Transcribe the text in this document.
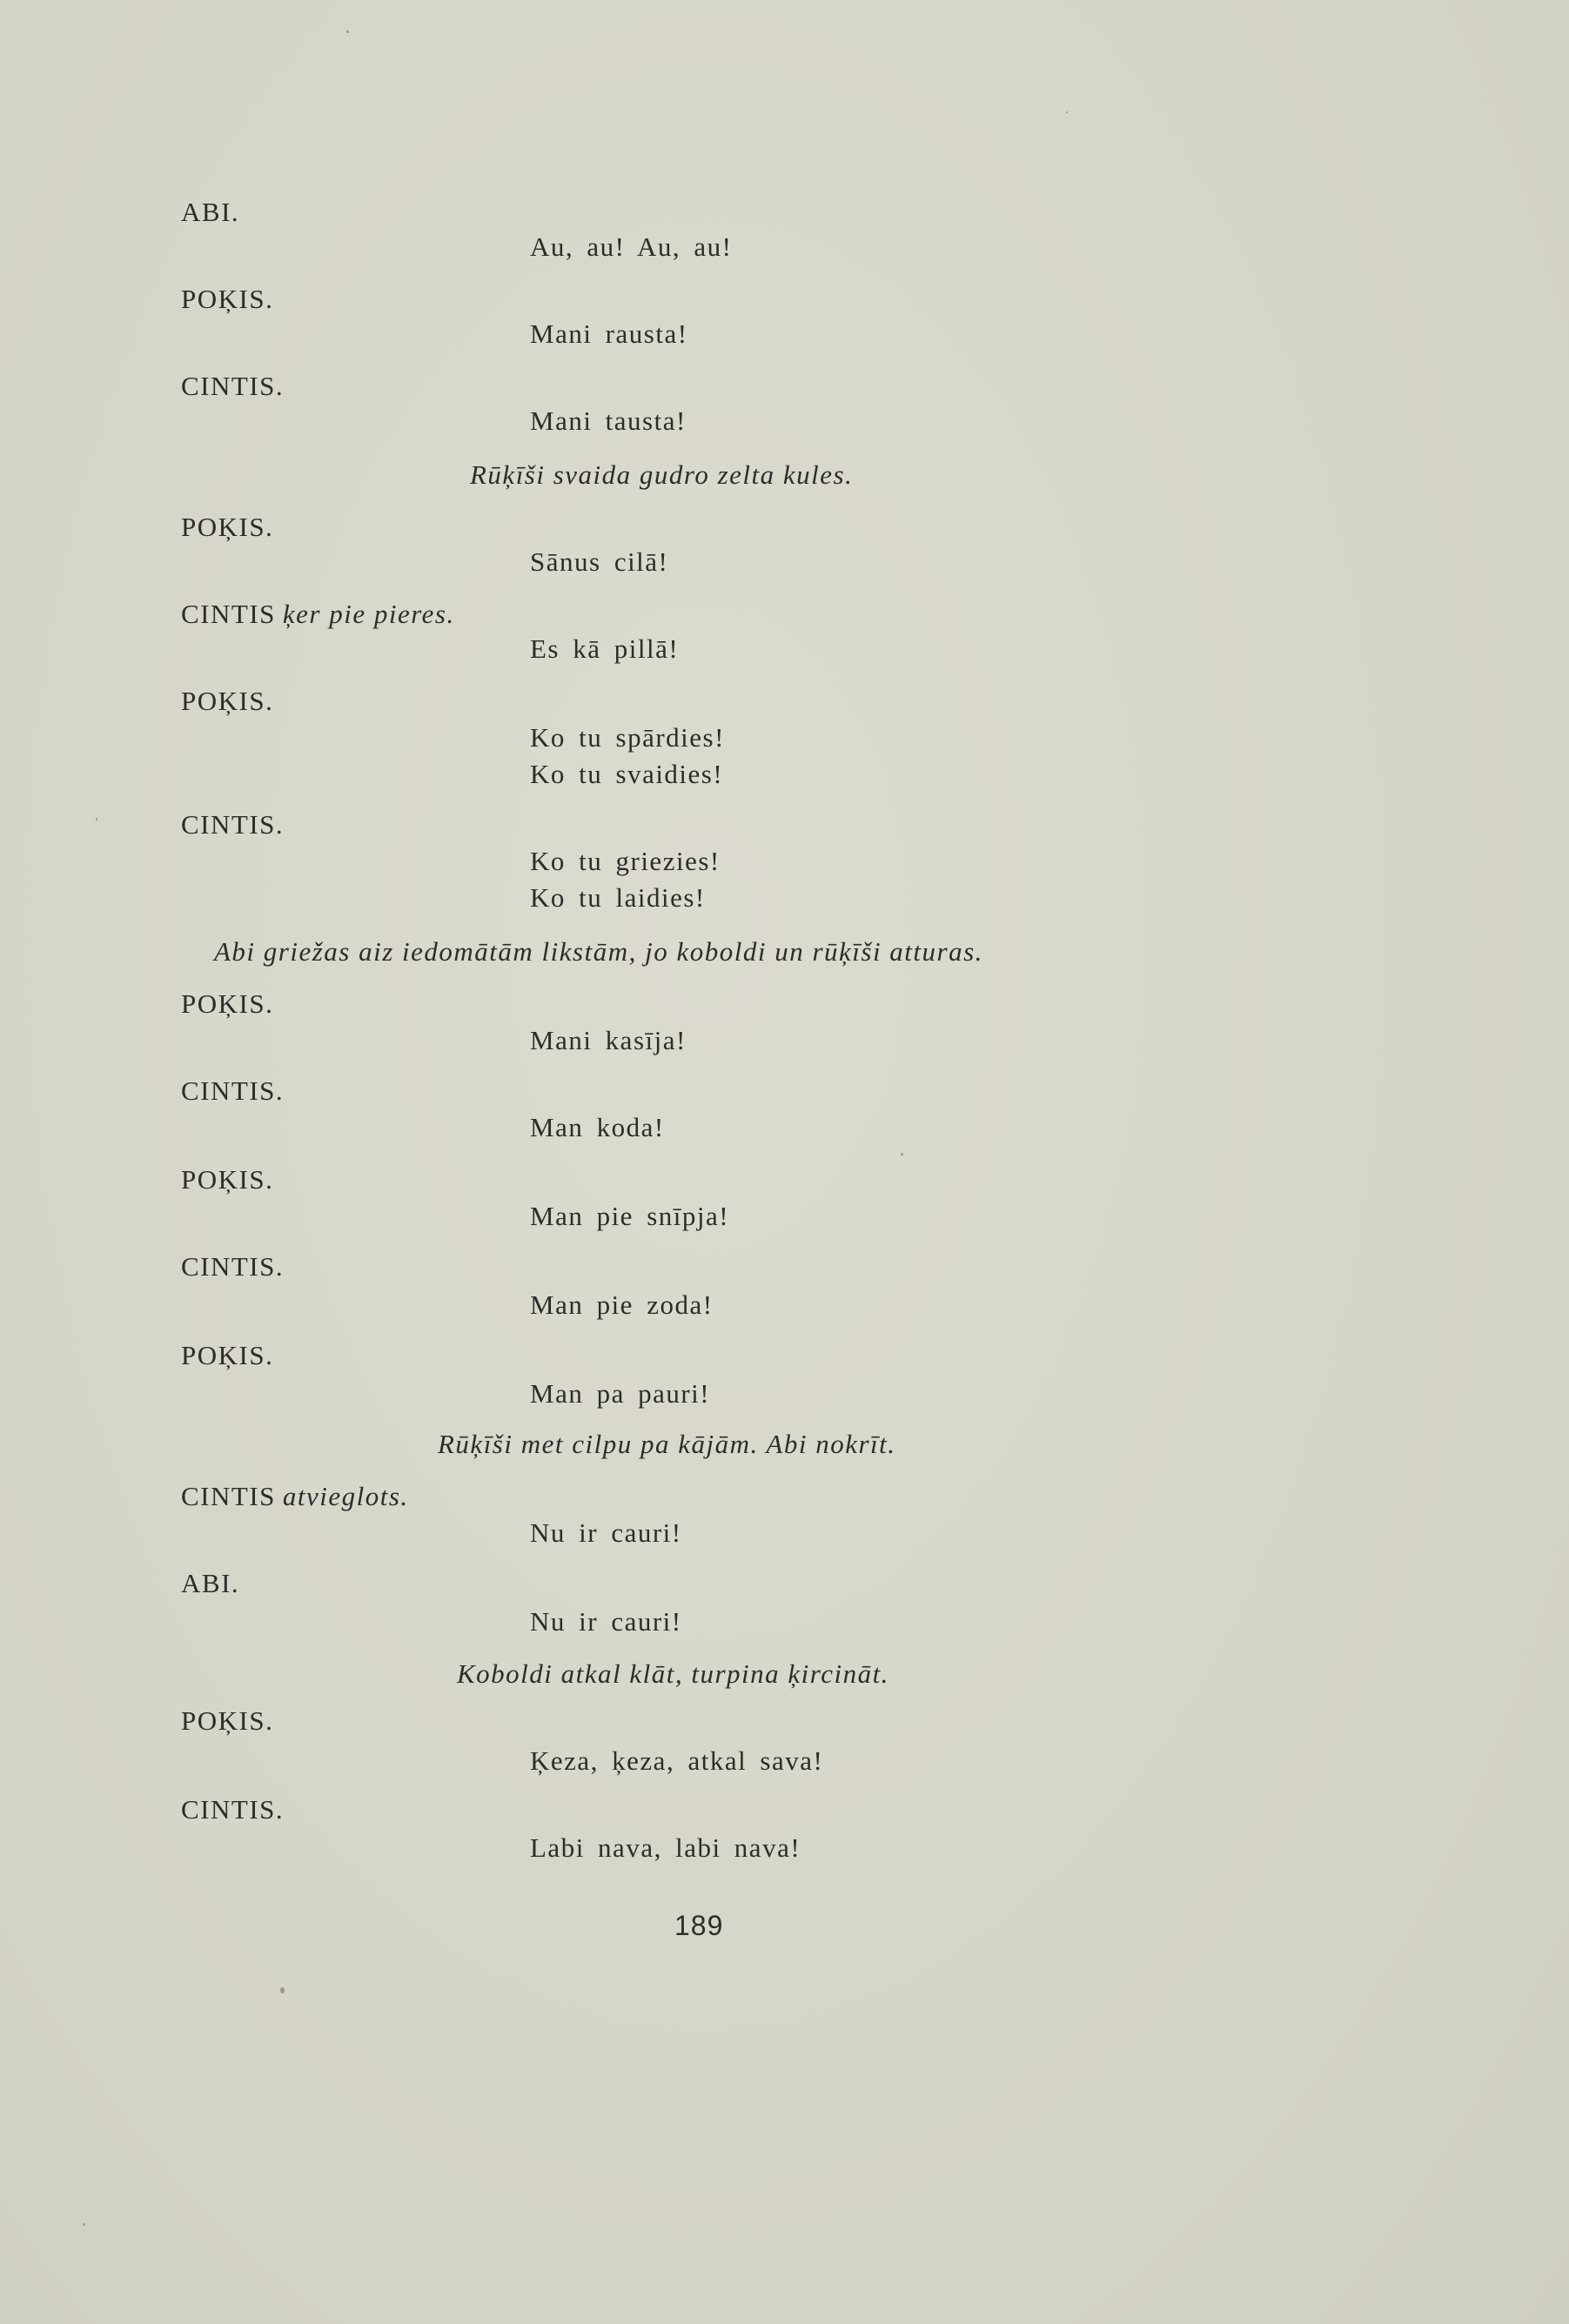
ABI.
Au, au! Au, au!
POĶIS.
Mani rausta!
CINTIS.
Mani tausta!
Rūķīši svaida gudro zelta kules.
POĶIS.
Sānus cilā!
CINTIS ķer pie pieres.
Es kā pillā!
POĶIS.
Ko tu spārdies!
Ko tu svaidies!
CINTIS.
Ko tu griezies!
Ko tu laidies!
Abi griežas aiz iedomātām likstām, jo koboldi un rūķīši atturas.
POĶIS.
Mani kasīja!
CINTIS.
Man koda!
POĶIS.
Man pie snīpja!
CINTIS.
Man pie zoda!
POĶIS.
Man pa pauri!
Rūķīši met cilpu pa kājām. Abi nokrīt.
CINTIS atvieglots.
Nu ir cauri!
ABI.
Nu ir cauri!
Koboldi atkal klāt, turpina ķircināt.
POĶIS.
Ķeza, ķeza, atkal sava!
CINTIS.
Labi nava, labi nava!
189
